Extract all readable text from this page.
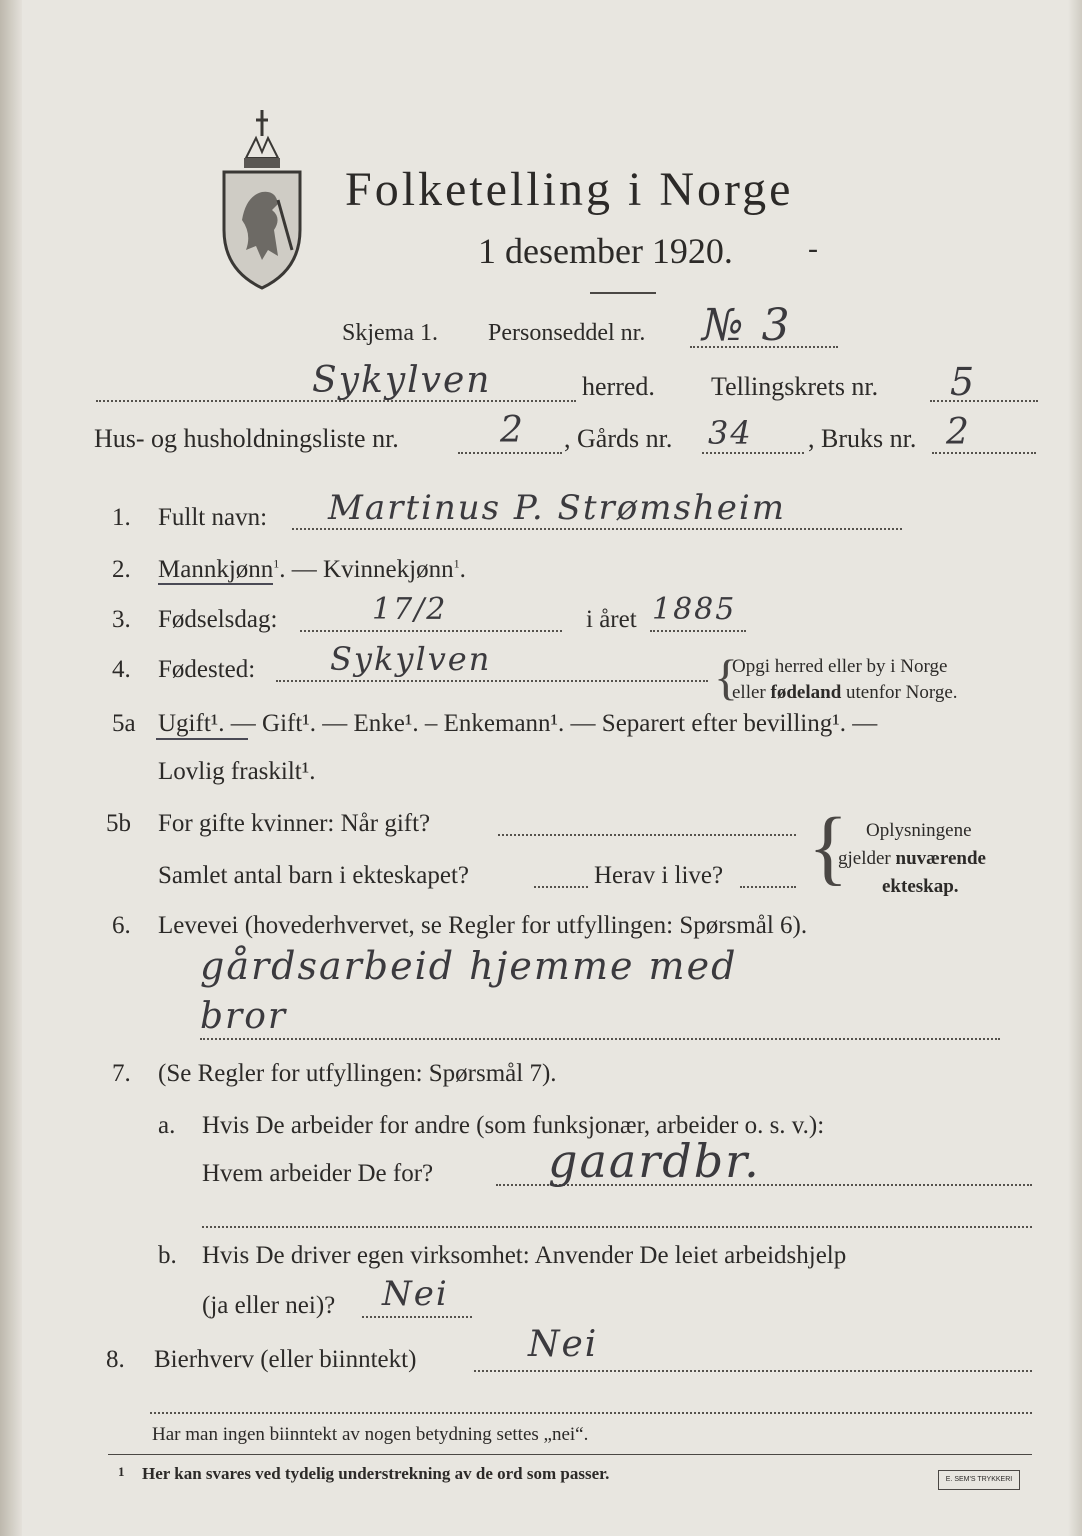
Folketelling i Norge
1 desember 1920.	-
Skjema 1. Personseddel nr. № 3
Sykylven	herred. Tellingskrets nr. 5
Hus- og husholdningsliste nr.	2 , Gårds nr. 34 , Bruks nr. 2
1. Fullt navn: Martinus P. Strømsheim
2. Mannkjønn$^1$. — Kvinnekjønn$^1$.
3. Fødselsdag:	17/2	i året 1885
4. Fødested: Sykylven	{
Opgi herred eller by i Norge
eller fødeland utenfor Norge.
5a Ugift¹. — Gift¹. — Enke¹. – Enkemann¹. — Separert efter bevilling¹. —
Lovlig fraskilt¹.
5b For gifte kvinner: Når gift?
Samlet antal barn i ekteskapet?	Herav i live? { Oplysningene
gjelder nuværende
ekteskap.
6. Levevei (hovederhvervet, se Regler for utfyllingen: Spørsmål 6).
gårdsarbeid hjemme med
bror
7. (Se Regler for utfyllingen: Spørsmål 7).
a. Hvis De arbeider for andre (som funksjonær, arbeider o. s. v.):
Hvem arbeider De for? gaardbr.
b. Hvis De driver egen virksomhet: Anvender De leiet arbeidshjelp
(ja eller nei)? Nei
8. Bierhverv (eller biinntekt)	Nei
Har man ingen biinntekt av nogen betydning settes „nei“.
1 Her kan svares ved tydelig understrekning av de ord som passer.	E. SEM'S TRYKKERI
